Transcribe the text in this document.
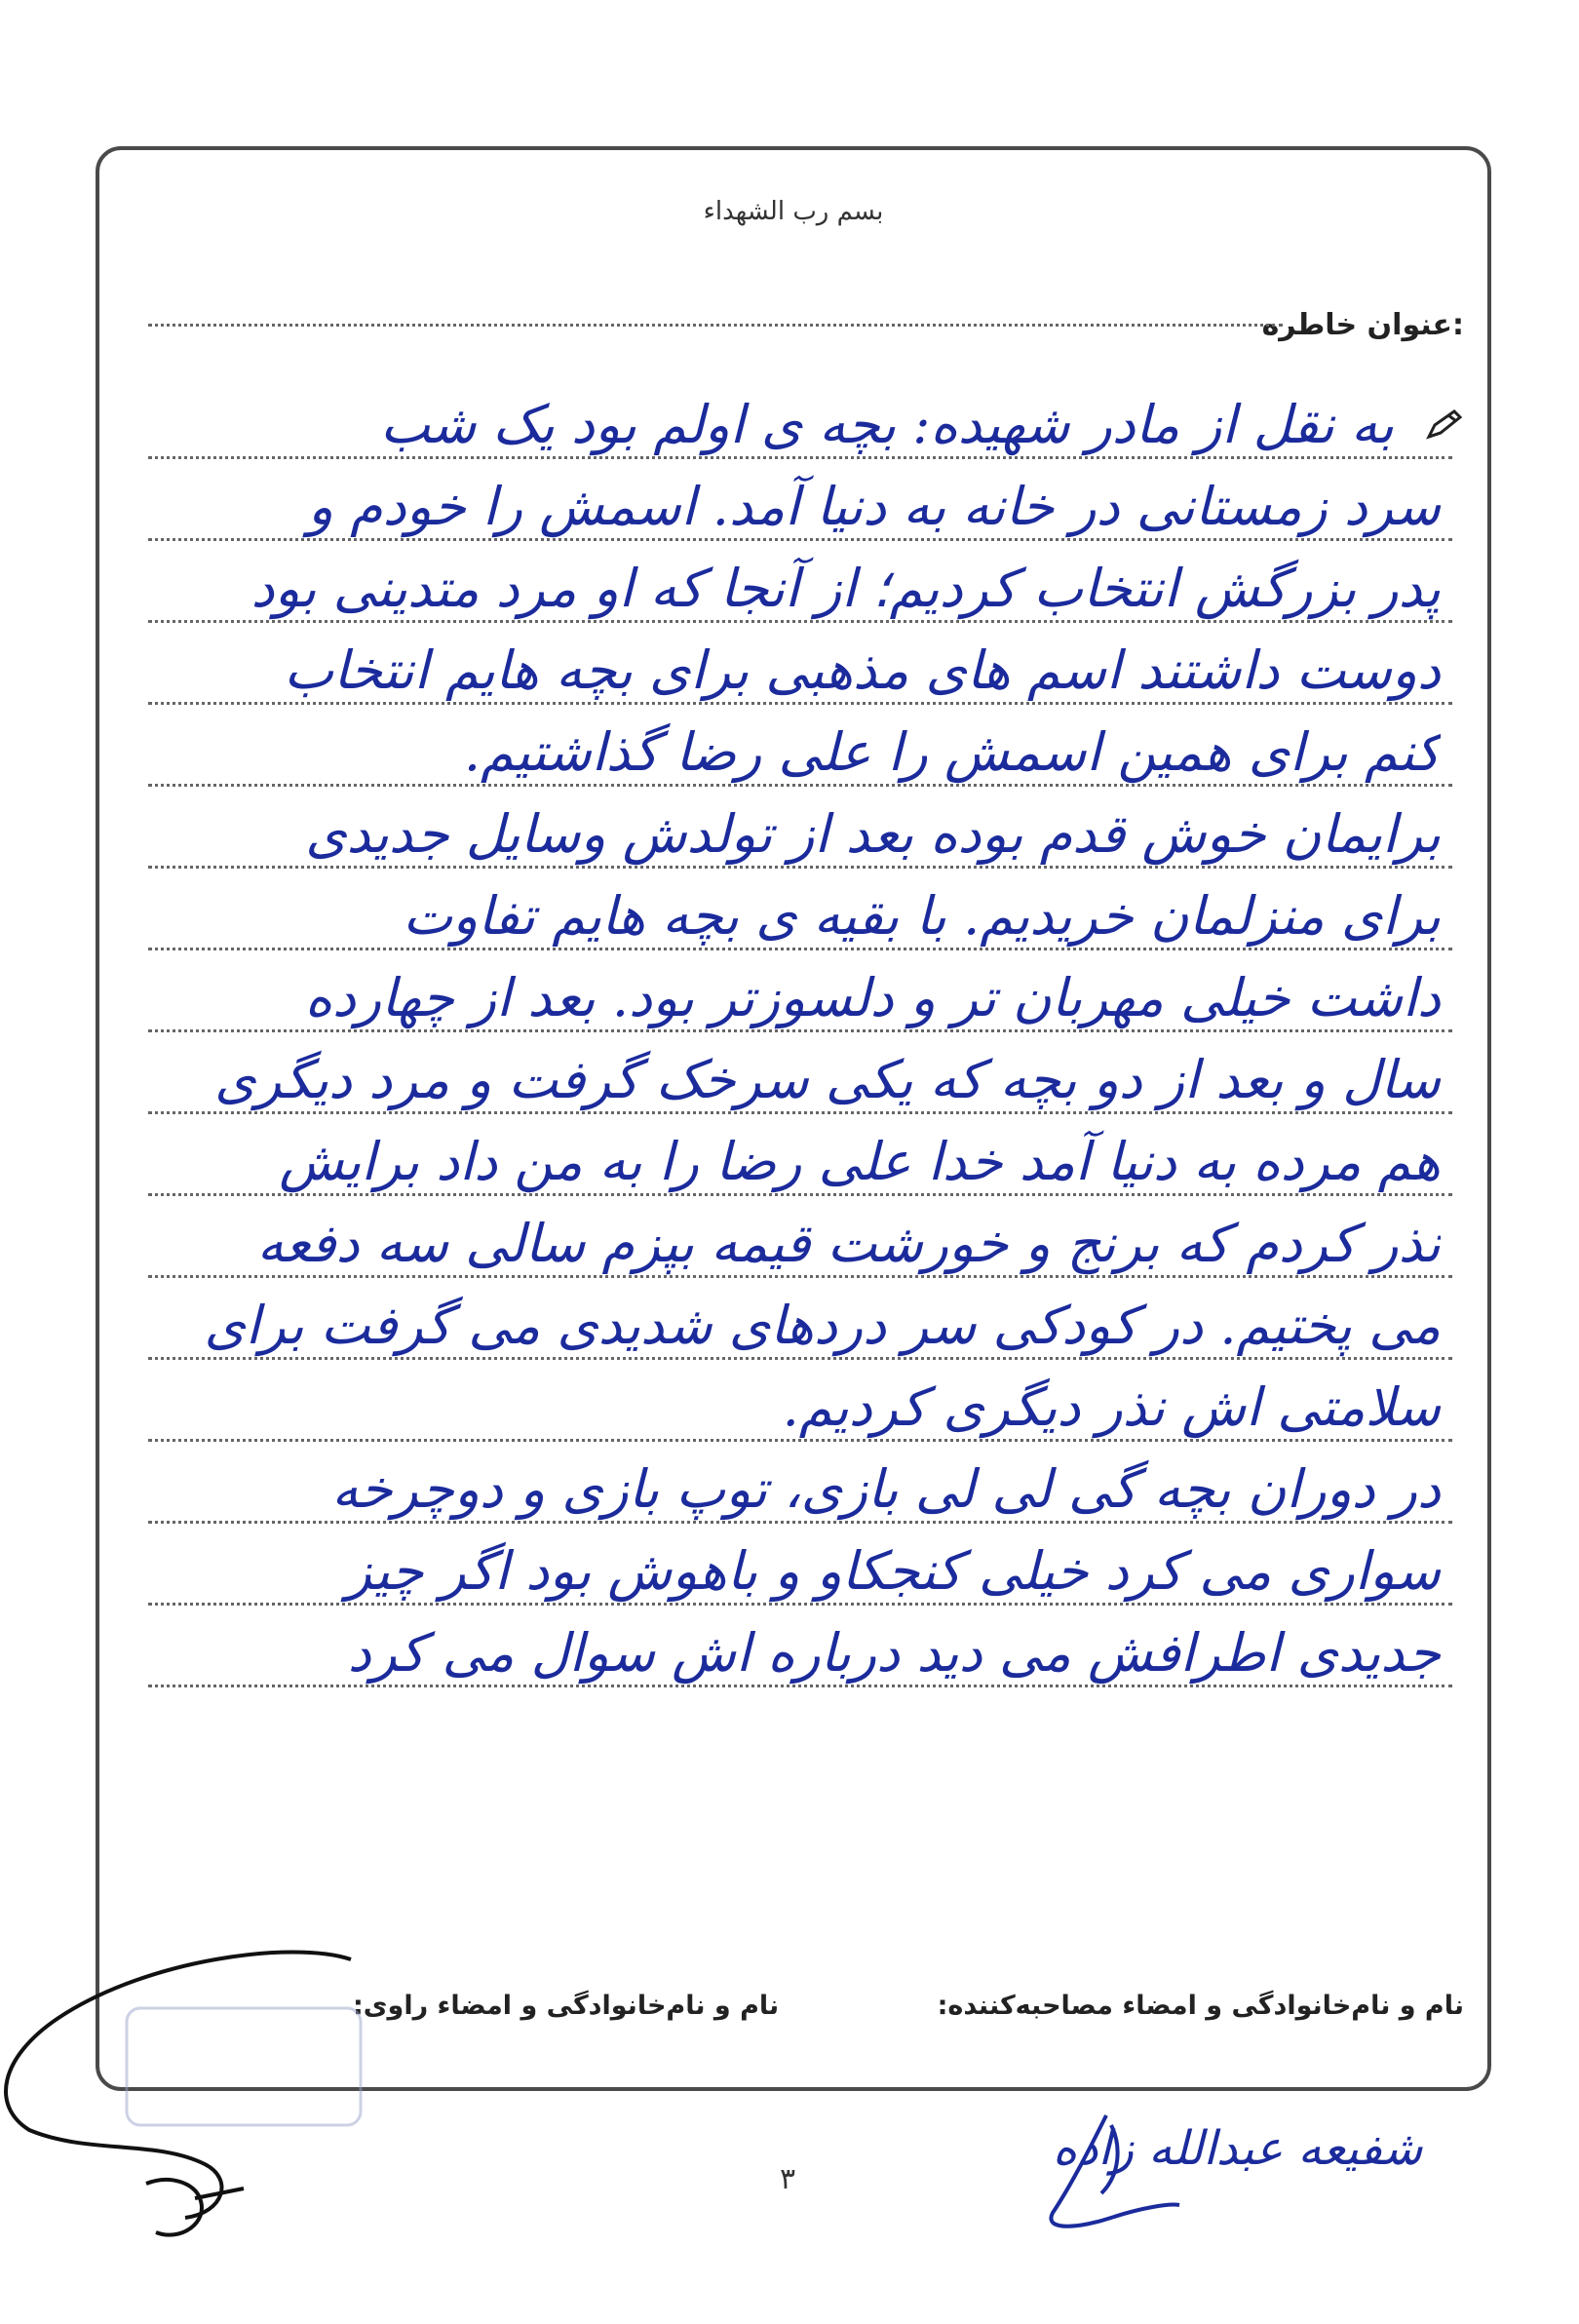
بسم رب الشهداء
عنوان خاطره:
به نقل از مادر شهیده: بچه ی اولم بود یک شب
سرد زمستانی در خانه به دنیا آمد. اسمش را خودم و
پدر بزرگش انتخاب کردیم؛ از آنجا که او مرد متدینی بود
دوست داشتند اسم های مذهبی برای بچه هایم انتخاب
کنم برای همین اسمش را علی رضا گذاشتیم.
برایمان خوش قدم بوده بعد از تولدش وسایل جدیدی
برای منزلمان خریدیم. با بقیه ی بچه هایم تفاوت
داشت خیلی مهربان تر و دلسوزتر بود. بعد از چهارده
سال و بعد از دو بچه که یکی سرخک گرفت و مرد دیگری
هم مرده به دنیا آمد خدا علی رضا را به من داد برایش
نذر کردم که برنج و خورشت قیمه بپزم سالی سه دفعه
می پختیم. در کودکی سر دردهای شدیدی می گرفت برای
سلامتی اش نذر دیگری کردیم.
در دوران بچه گی لی لی بازی، توپ بازی و دوچرخه
سواری می کرد خیلی کنجکاو و باهوش بود اگر چیز
جدیدی اطرافش می دید درباره اش سوال می کرد
نام و نام‌خانوادگی و امضاء مصاحبه‌کننده:
نام و نام‌خانوادگی و امضاء راوی:
شفیعه عبدالله زاده
۳
